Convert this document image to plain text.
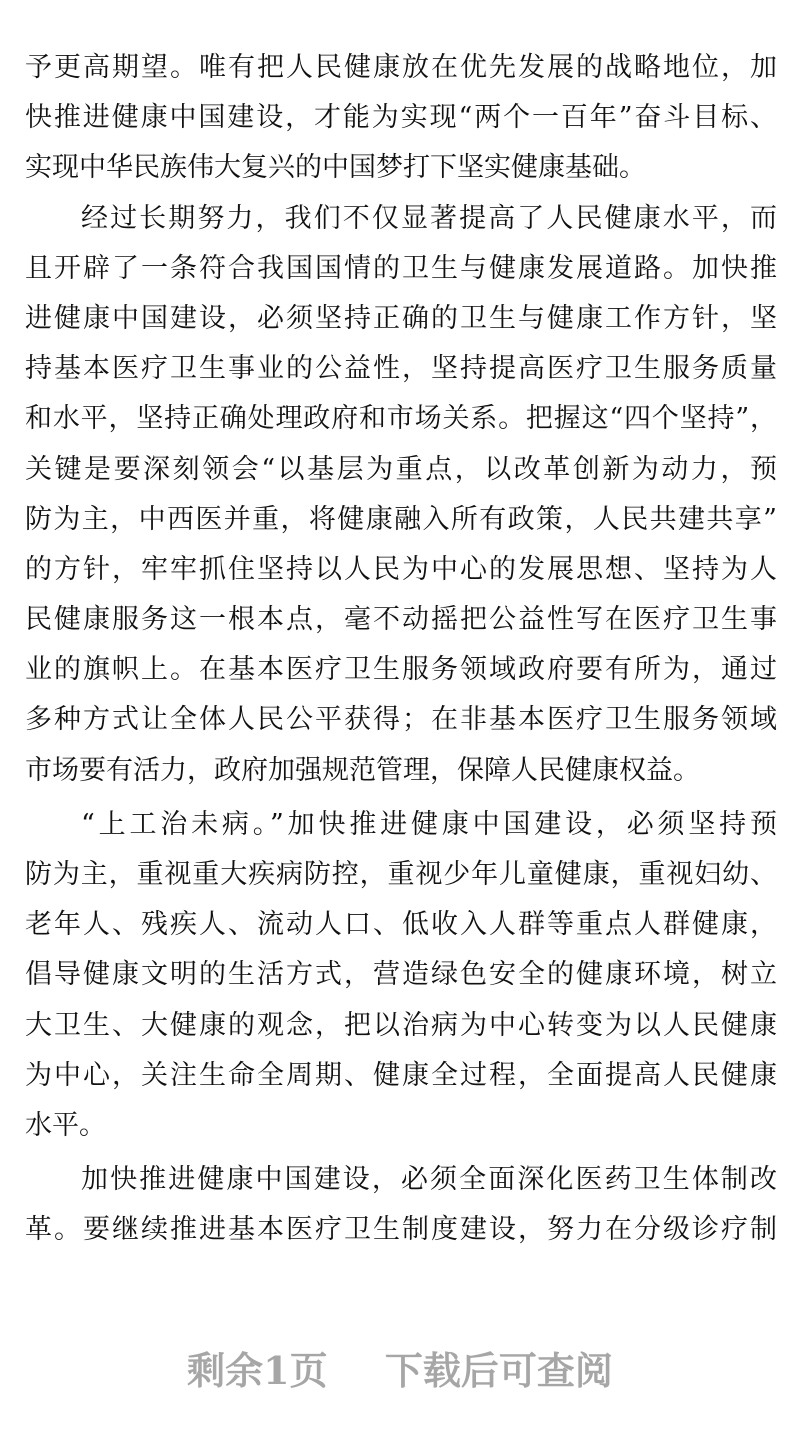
予更高期望。唯有把人民健康放在优先发展的战略地位，加
快推进健康中国建设，才能为实现“两个一百年”奋斗目标、
实现中华民族伟大复兴的中国梦打下坚实健康基础。
经过长期努力，我们不仅显著提高了人民健康水平，而
且开辟了一条符合我国国情的卫生与健康发展道路。加快推
进健康中国建设，必须坚持正确的卫生与健康工作方针，坚
持基本医疗卫生事业的公益性，坚持提高医疗卫生服务质量
和水平，坚持正确处理政府和市场关系。把握这“四个坚持”，
关键是要深刻领会“以基层为重点，以改革创新为动力，预
防为主，中西医并重，将健康融入所有政策，人民共建共享”
的方针，牢牢抓住坚持以人民为中心的发展思想、坚持为人
民健康服务这一根本点，毫不动摇把公益性写在医疗卫生事
业的旗帜上。在基本医疗卫生服务领域政府要有所为，通过
多种方式让全体人民公平获得；在非基本医疗卫生服务领域
市场要有活力，政府加强规范管理，保障人民健康权益。
“上工治未病。”加快推进健康中国建设，必须坚持预
防为主，重视重大疾病防控，重视少年儿童健康，重视妇幼、
老年人、残疾人、流动人口、低收入人群等重点人群健康，
倡导健康文明的生活方式，营造绿色安全的健康环境，树立
大卫生、大健康的观念，把以治病为中心转变为以人民健康
为中心，关注生命全周期、健康全过程，全面提高人民健康
水平。
加快推进健康中国建设，必须全面深化医药卫生体制改
革。要继续推进基本医疗卫生制度建设，努力在分级诊疗制
剩余1页 下载后可查阅
